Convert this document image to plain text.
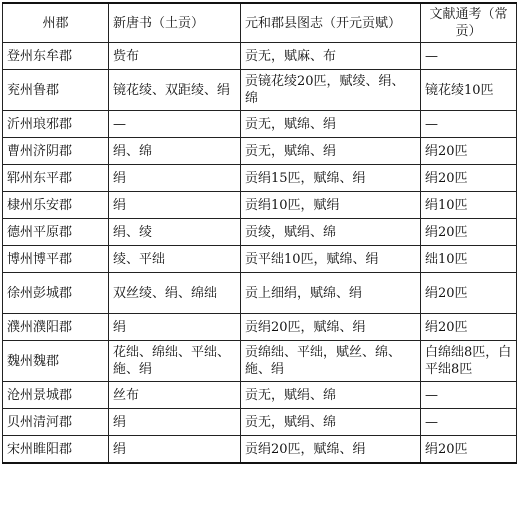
州郡	新唐书（土贡）	元和郡县图志（开元贡赋）	文献通考（常贡）
登州东牟郡	赀布	贡无，赋麻、布	—
兖州鲁郡	镜花绫、双距绫、绢	贡镜花绫20匹，赋绫、绢、绵	镜花绫10匹
沂州琅邪郡	—	贡无，赋绵、绢	—
曹州济阴郡	绢、绵	贡无，赋绵、绢	绢20匹
郓州东平郡	绢	贡绢15匹，赋绵、绢	绢20匹
棣州乐安郡	绢	贡绢10匹，赋绢	绢10匹
德州平原郡	绢、绫	贡绫，赋绢、绵	绢20匹
博州博平郡	绫、平绌	贡平绌10匹，赋绵、绢	绌10匹
徐州彭城郡	双丝绫、绢、绵绌	贡上细绢，赋绵、绢	绢20匹
濮州濮阳郡	绢	贡绢20匹，赋绵、绢	绢20匹
魏州魏郡	花绌、绵绌、平绌、絁、绢	贡绵绌、平绌，赋丝、绵、絁、绢	白绵绌8匹，白平绌8匹
沧州景城郡	丝布	贡无，赋绢、绵	—
贝州清河郡	绢	贡无，赋绢、绵	—
宋州睢阳郡	绢	贡绢20匹，赋绵、绢	绢20匹
